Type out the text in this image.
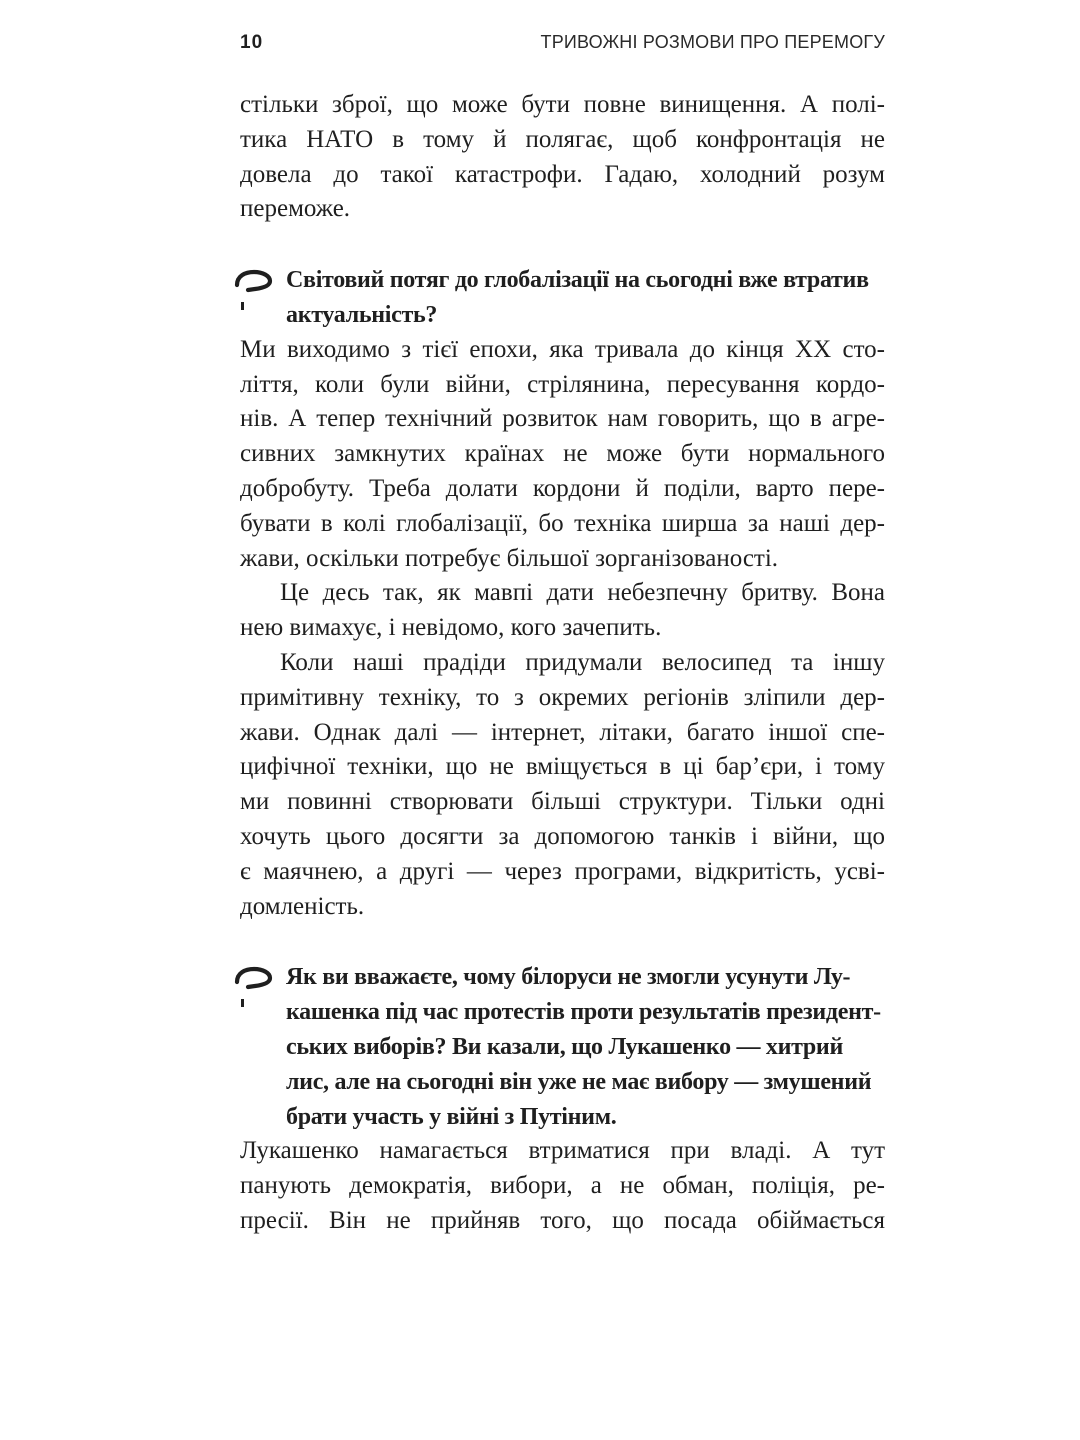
10	ТРИВОЖНІ РОЗМОВИ ПРО ПЕРЕМОГУ

стільки зброї, що може бути повне винищення. А полі-
тика НАТО в тому й полягає, щоб конфронтація не
довела до такої катастрофи. Гадаю, холодний розум
переможе.

Світовий потяг до глобалізації на сьогодні вже втратив
актуальність?

Ми виходимо з тієї епохи, яка тривала до кінця ХХ сто-
ліття, коли були війни, стрілянина, пересування кордо-
нів. А тепер технічний розвиток нам говорить, що в агре-
сивних замкнутих країнах не може бути нормального
добробуту. Треба долати кордони й поділи, варто пере-
бувати в колі глобалізації, бо техніка ширша за наші дер-
жави, оскільки потребує більшої зорганізованості.

Це десь так, як мавпі дати небезпечну бритву. Вона
нею вимахує, і невідомо, кого зачепить.

Коли наші прадіди придумали велосипед та іншу
примітивну техніку, то з окремих регіонів зліпили дер-
жави. Однак далі — інтернет, літаки, багато іншої спе-
цифічної техніки, що не вміщується в ці бар’єри, і тому
ми повинні створювати більші структури. Тільки одні
хочуть цього досягти за допомогою танків і війни, що
є маячнею, а другі — через програми, відкритість, усві-
домленість.

Як ви вважаєте, чому білоруси не змогли усунути Лу-
кашенка під час протестів проти результатів президент-
ських виборів? Ви казали, що Лукашенко — хитрий
лис, але на сьогодні він уже не має вибору — змушений
брати участь у війні з Путіним.

Лукашенко намагається втриматися при владі. А тут
панують демократія, вибори, а не обман, поліція, ре-
пресії. Він не прийняв того, що посада обіймається
